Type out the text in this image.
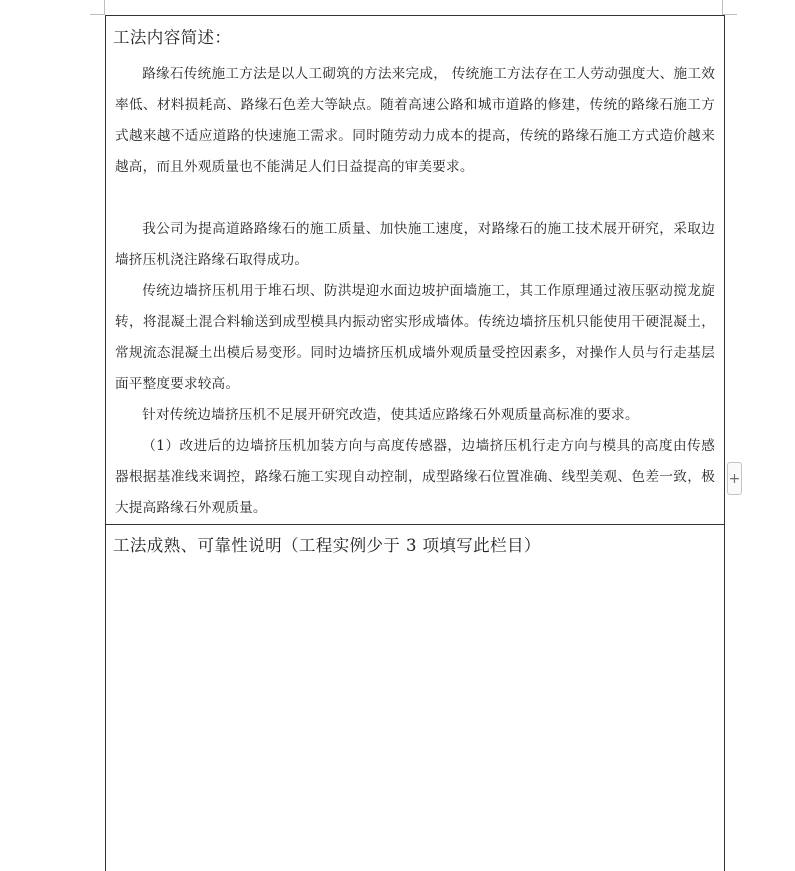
工法内容简述：

路缘石传统施工方法是以人工砌筑的方法来完成， 传统施工方法存在工人劳动强度大、施工效率低、材料损耗高、路缘石色差大等缺点。随着高速公路和城市道路的修建，传统的路缘石施工方式越来越不适应道路的快速施工需求。同时随劳动力成本的提高，传统的路缘石施工方式造价越来越高，而且外观质量也不能满足人们日益提高的审美要求。

我公司为提高道路路缘石的施工质量、加快施工速度，对路缘石的施工技术展开研究，采取边墙挤压机浇注路缘石取得成功。

传统边墙挤压机用于堆石坝、防洪堤迎水面边坡护面墙施工，其工作原理通过液压驱动搅龙旋转，将混凝土混合料输送到成型模具内振动密实形成墙体。传统边墙挤压机只能使用干硬混凝土，常规流态混凝土出模后易变形。同时边墙挤压机成墙外观质量受控因素多，对操作人员与行走基层面平整度要求较高。

针对传统边墙挤压机不足展开研究改造，使其适应路缘石外观质量高标准的要求。

（1）改进后的边墙挤压机加装方向与高度传感器，边墙挤压机行走方向与模具的高度由传感器根据基准线来调控，路缘石施工实现自动控制，成型路缘石位置准确、线型美观、色差一致，极大提高路缘石外观质量。

工法成熟、可靠性说明（工程实例少于 3 项填写此栏目）
+
